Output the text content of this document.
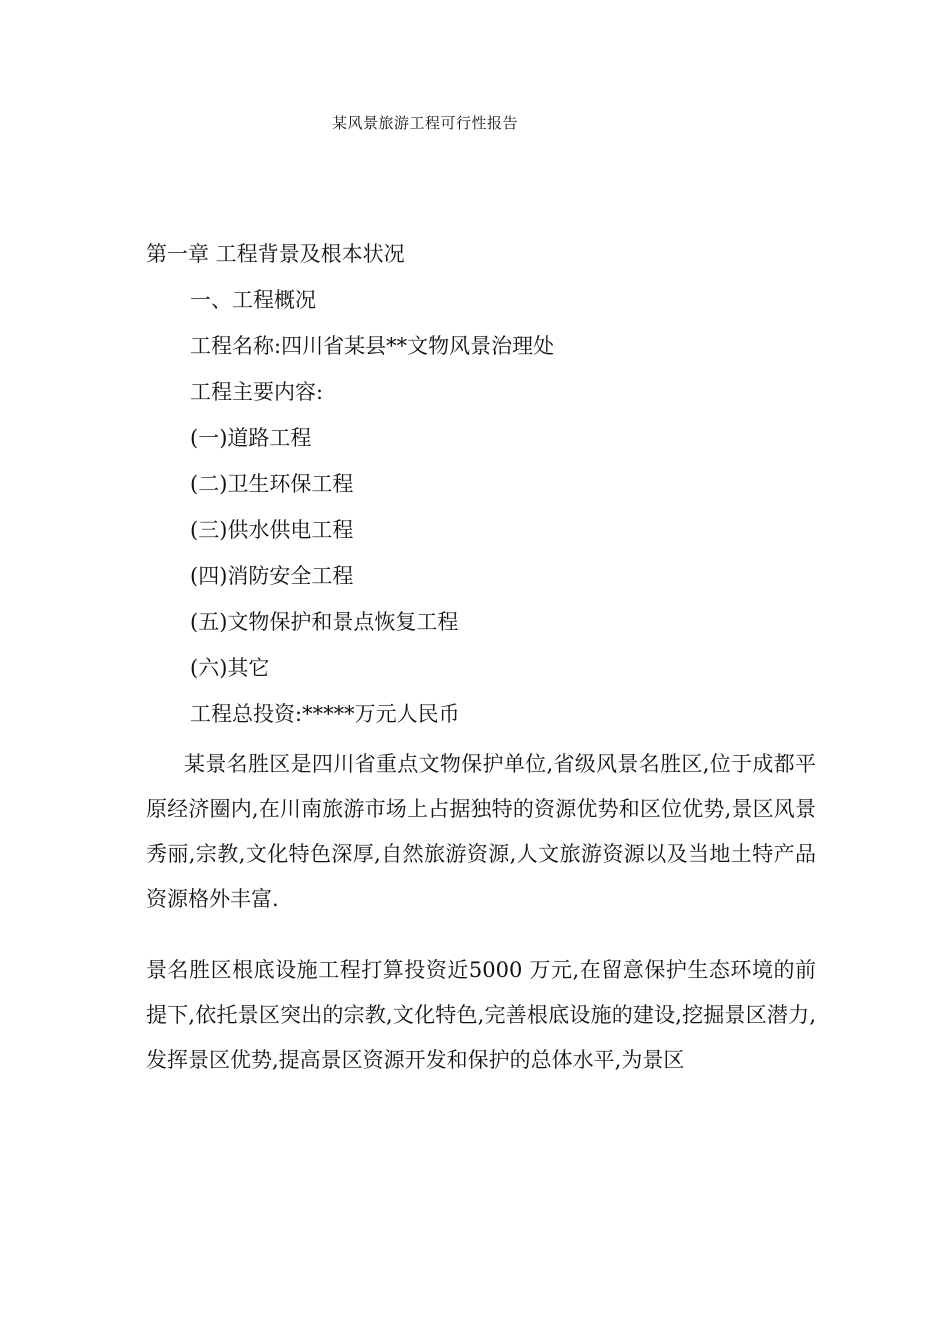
某风景旅游工程可行性报告
第一章 工程背景及根本状况
一、工程概况
工程名称:四川省某县**文物风景治理处
工程主要内容:
(一)道路工程
(二)卫生环保工程
(三)供水供电工程
(四)消防安全工程
(五)文物保护和景点恢复工程
(六)其它
工程总投资:*****万元人民币

某景名胜区是四川省重点文物保护单位,省级风景名胜区,位于成都平原经济圈内,在川南旅游市场上占据独特的资源优势和区位优势,景区风景秀丽,宗教,文化特色深厚,自然旅游资源,人文旅游资源以及当地土特产品资源格外丰富.

景名胜区根底设施工程打算投资近5000 万元,在留意保护生态环境的前提下,依托景区突出的宗教,文化特色,完善根底设施的建设,挖掘景区潜力,发挥景区优势,提高景区资源开发和保护的总体水平,为景区
